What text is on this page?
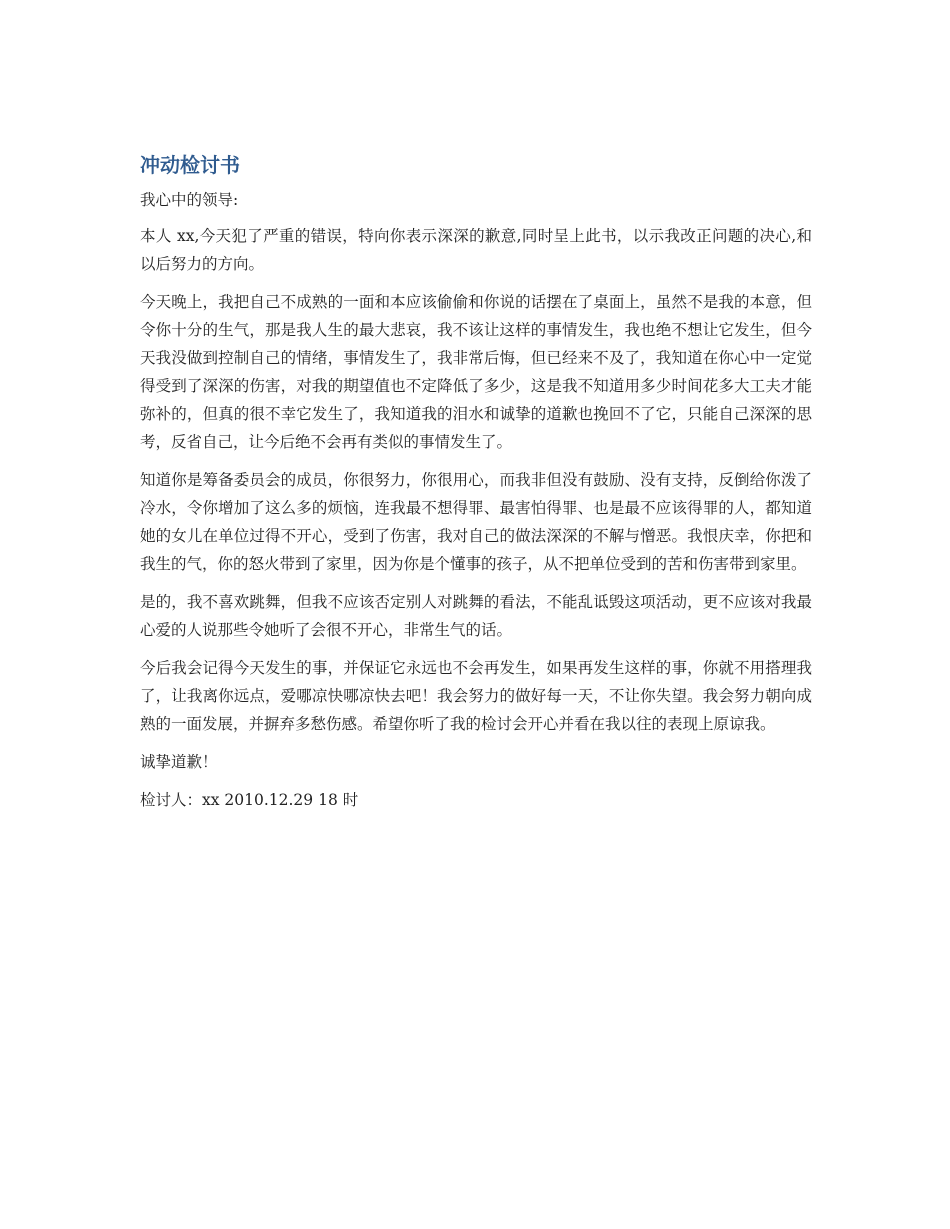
冲动检讨书

我心中的领导:

本人 xx,今天犯了严重的错误，特向你表示深深的歉意,同时呈上此书，以示我改正问题的决心,和以后努力的方向。

今天晚上，我把自己不成熟的一面和本应该偷偷和你说的话摆在了桌面上，虽然不是我的本意，但令你十分的生气，那是我人生的最大悲哀，我不该让这样的事情发生，我也绝不想让它发生，但今天我没做到控制自己的情绪，事情发生了，我非常后悔，但已经来不及了，我知道在你心中一定觉得受到了深深的伤害，对我的期望值也不定降低了多少，这是我不知道用多少时间花多大工夫才能弥补的，但真的很不幸它发生了，我知道我的泪水和诚挚的道歉也挽回不了它，只能自己深深的思考，反省自己，让今后绝不会再有类似的事情发生了。

知道你是筹备委员会的成员，你很努力，你很用心，而我非但没有鼓励、没有支持，反倒给你泼了冷水，令你增加了这么多的烦恼，连我最不想得罪、最害怕得罪、也是最不应该得罪的人，都知道她的女儿在单位过得不开心，受到了伤害，我对自己的做法深深的不解与憎恶。我恨庆幸，你把和我生的气，你的怒火带到了家里，因为你是个懂事的孩子，从不把单位受到的苦和伤害带到家里。

是的，我不喜欢跳舞，但我不应该否定别人对跳舞的看法，不能乱诋毁这项活动，更不应该对我最心爱的人说那些令她听了会很不开心，非常生气的话。

今后我会记得今天发生的事，并保证它永远也不会再发生，如果再发生这样的事，你就不用搭理我了，让我离你远点，爱哪凉快哪凉快去吧！我会努力的做好每一天，不让你失望。我会努力朝向成熟的一面发展，并摒弃多愁伤感。希望你听了我的检讨会开心并看在我以往的表现上原谅我。

诚挚道歉！

检讨人：xx 2010.12.29 18 时
